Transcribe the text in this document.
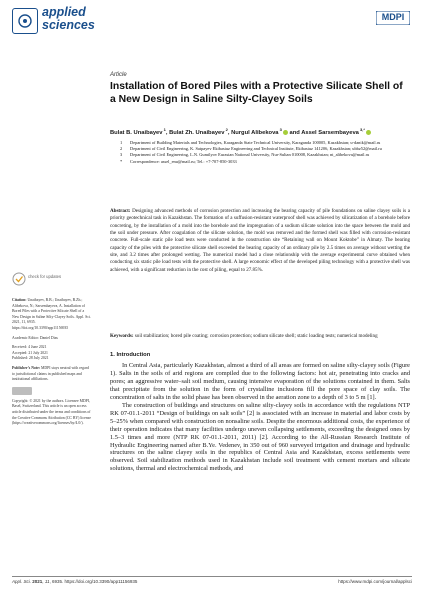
applied
sciences
MDPI
Article
Installation of Bored Piles with a Protective Silicate Shell of a New Design in Saline Silty-Clayey Soils
Bulat B. Unaibayev $^1$, Bulat Zh. Unaibayev $^2$, Nurgul Alibekova $^3$ and Assel Sarsembayeva $^{3,*}$

1 Department of Building Materials and Technologies, Karaganda State Technical University, Karaganda 100005, Kazakhstan; u-danik@mail.ru

2 Department of Civil Engineering, K. Satpayev Ekibastuz Engineering and Technical Institute, Ekibastuz 141206, Kazakhstan; ubbz52@mail.ru

3 Department of Civil Engineering, L.N. Gumilyov Eurasian National University, Nur-Sultan 010008, Kazakhstan; nt_alibekova@mail.ru

* Correspondence: assel_enu@mail.ru; Tel.: +7-707-850-3033

Abstract: Designing advanced methods of corrosion protection and increasing the bearing capacity of pile foundations on saline clayey soils is a priority geotechnical task in Kazakhstan. The formation of a suffusion-resistant waterproof shell was achieved by silicatization of a borehole before concreting, by the installation of a mold into the borehole and the impregnation of a sodium silicate solution into the space between the mold and the soil under pressure. After coagulation of the silicate solution, the mold was removed and the formed shell was filled with corrosion-resistant concrete. Full-scale static pile load tests were conducted in the construction site “Retaining wall on Mount Koktobe” in Almaty. The bearing capacity of the piles with the protective silicate shell exceeded the bearing capacity of an ordinary pile by 2.5 times on average without wetting the site, and 3.2 times after prolonged wetting. The numerical model had a close relationship with the average experimental curve obtained when conducting six static pile load tests with the protective shell. A large economic effect of the developed piling technology with a protective shell was achieved, with a significant reduction in the cost of piling, equal to 27.85%.
Keywords: soil stabilization; bored pile coating; corrosion protection; sodium silicate shell; static loading tests; numerical modeling
1. Introduction

In Central Asia, particularly Kazakhstan, almost a third of all areas are formed on saline silty-clayey soils (Figure 1). Salts in the soils of arid regions are compiled due to the following factors: hot air, penetrating into cracks and pores; an aggressive water–salt soil medium, causing intensive evaporation of the solutions contained in them. Salts that precipitate from the solution in the form of crystalline inclusions fill the pore space of clay soils. The concentration of salts in the solid phase has been observed in the aeration zone to a depth of 3 to 5 m [1].

The construction of buildings and structures on saline silty-clayey soils in accordance with the regulations NTP RK 07-01.1-2011 “Design of buildings on salt soils” [2] is associated with an increase in material and labor costs by 5–25% when compared with construction on nonsaline soils. Despite the enormous additional costs, the experience of their operation indicates that many facilities undergo uneven collapsing settlements, exceeding the designed ones by 1.5–3 times and more (NTP RK 07-01.1-2011, 2011) [2]. According to the All-Russian Research Institute of Hydraulic Engineering named after B.Ye. Vedenev, in 350 out of 960 surveyed irrigation and drainage and hydraulic structures on the saline clayey soils in the republics of Central Asia and Kazakhstan, excess settlements were observed. Soil stabilization methods used in Kazakhstan include soil treatment with cement mortars and silicate solutions, thermal and electrochemical methods, and

check for updates

Citation: Unaibayev, B.B.; Unaibayev, B.Zh.; Alibekova, N.; Sarsembayeva, A. Installation of Bored Piles with a Protective Silicate Shell of a New Design in Saline Silty-Clayey Soils. Appl. Sci. 2021, 11, 6935. https://doi.org/10.3390/app11156935

Academic Editor: Daniel Dias

Received: 4 June 2021

Accepted: 21 July 2021

Published: 28 July 2021

Publisher’s Note: MDPI stays neutral with regard to jurisdictional claims in published maps and institutional affiliations.

Copyright: © 2021 by the authors. Licensee MDPI, Basel, Switzerland. This article is an open access article distributed under the terms and conditions of the Creative Commons Attribution (CC BY) license (https://creativecommons.org/licenses/by/4.0/).

Appl. Sci. 2021, 11, 6935. https://doi.org/10.3390/app11156935	https://www.mdpi.com/journal/applsci
